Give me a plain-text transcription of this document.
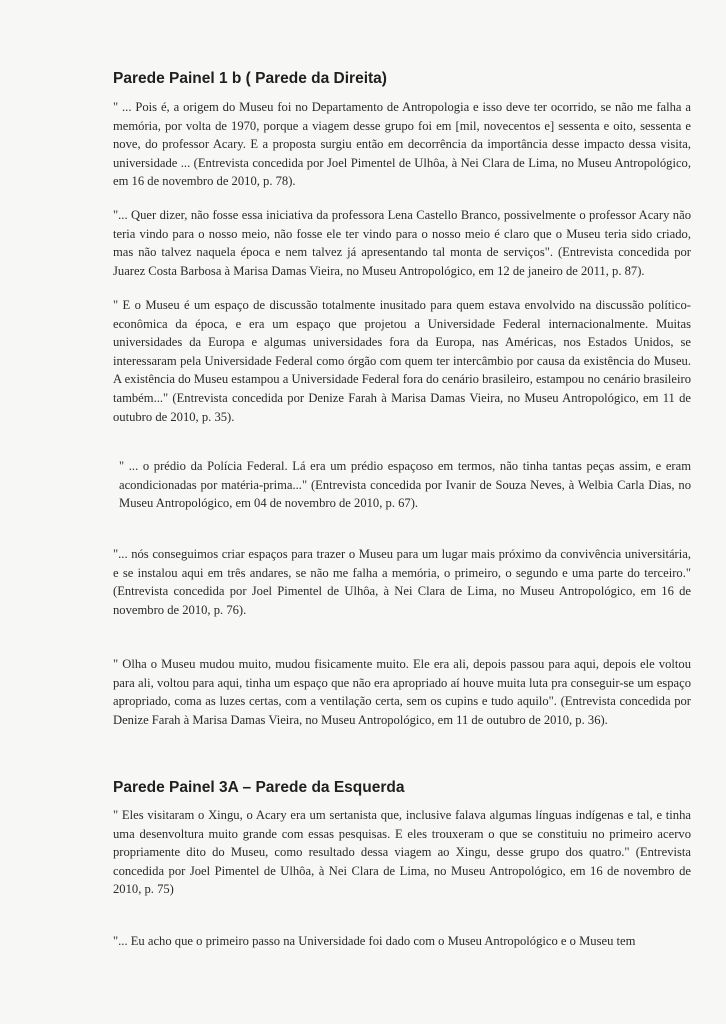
Parede Painel 1 b ( Parede da Direita)

" ... Pois é, a origem do Museu foi no Departamento de Antropologia e isso deve ter ocorrido, se não me falha a memória, por volta de 1970, porque a viagem desse grupo foi em [mil, novecentos e] sessenta e oito, sessenta e nove, do professor Acary. E a proposta surgiu então em decorrência da importância desse impacto dessa visita, universidade ... (Entrevista concedida por Joel Pimentel de Ulhôa, à Nei Clara de Lima, no Museu Antropológico, em 16 de novembro de 2010, p. 78).

"... Quer dizer, não fosse essa iniciativa da professora Lena Castello Branco, possivelmente o professor Acary não teria vindo para o nosso meio, não fosse ele ter vindo para o nosso meio é claro que o Museu teria sido criado, mas não talvez naquela época e nem talvez já apresentando tal monta de serviços". (Entrevista concedida por Juarez Costa Barbosa à Marisa Damas Vieira, no Museu Antropológico, em 12 de janeiro de 2011, p. 87).

" E o Museu é um espaço de discussão totalmente inusitado para quem estava envolvido na discussão político-econômica da época, e era um espaço que projetou a Universidade Federal internacionalmente. Muitas universidades da Europa e algumas universidades fora da Europa, nas Américas, nos Estados Unidos, se interessaram pela Universidade Federal como órgão com quem ter intercâmbio por causa da existência do Museu. A existência do Museu estampou a Universidade Federal fora do cenário brasileiro, estampou no cenário brasileiro também..." (Entrevista concedida por Denize Farah à Marisa Damas Vieira, no Museu Antropológico, em 11 de outubro de 2010, p. 35).

" ... o prédio da Polícia Federal. Lá era um prédio espaçoso em termos, não tinha tantas peças assim, e eram acondicionadas por matéria-prima..." (Entrevista concedida por Ivanir de Souza Neves, à Welbia Carla Dias, no Museu Antropológico, em 04 de novembro de 2010, p. 67).

"... nós conseguimos criar espaços para trazer o Museu para um lugar mais próximo da convivência universitária, e se instalou aqui em três andares, se não me falha a memória, o primeiro, o segundo e uma parte do terceiro." (Entrevista concedida por Joel Pimentel de Ulhôa, à Nei Clara de Lima, no Museu Antropológico, em 16 de novembro de 2010, p. 76).

" Olha o Museu mudou muito, mudou fisicamente muito. Ele era ali, depois passou para aqui, depois ele voltou para ali, voltou para aqui, tinha um espaço que não era apropriado aí houve muita luta pra conseguir-se um espaço apropriado, coma as luzes certas, com a ventilação certa, sem os cupins e tudo aquilo". (Entrevista concedida por Denize Farah à Marisa Damas Vieira, no Museu Antropológico, em 11 de outubro de 2010, p. 36).

Parede Painel 3A – Parede da Esquerda

" Eles visitaram o Xingu, o Acary era um sertanista que, inclusive falava algumas línguas indígenas e tal, e tinha uma desenvoltura muito grande com essas pesquisas. E eles trouxeram o que se constituiu no primeiro acervo propriamente dito do Museu, como resultado dessa viagem ao Xingu, desse grupo dos quatro." (Entrevista concedida por Joel Pimentel de Ulhôa, à Nei Clara de Lima, no Museu Antropológico, em 16 de novembro de 2010, p. 75)

"... Eu acho que o primeiro passo na Universidade foi dado com o Museu Antropológico e o Museu tem
